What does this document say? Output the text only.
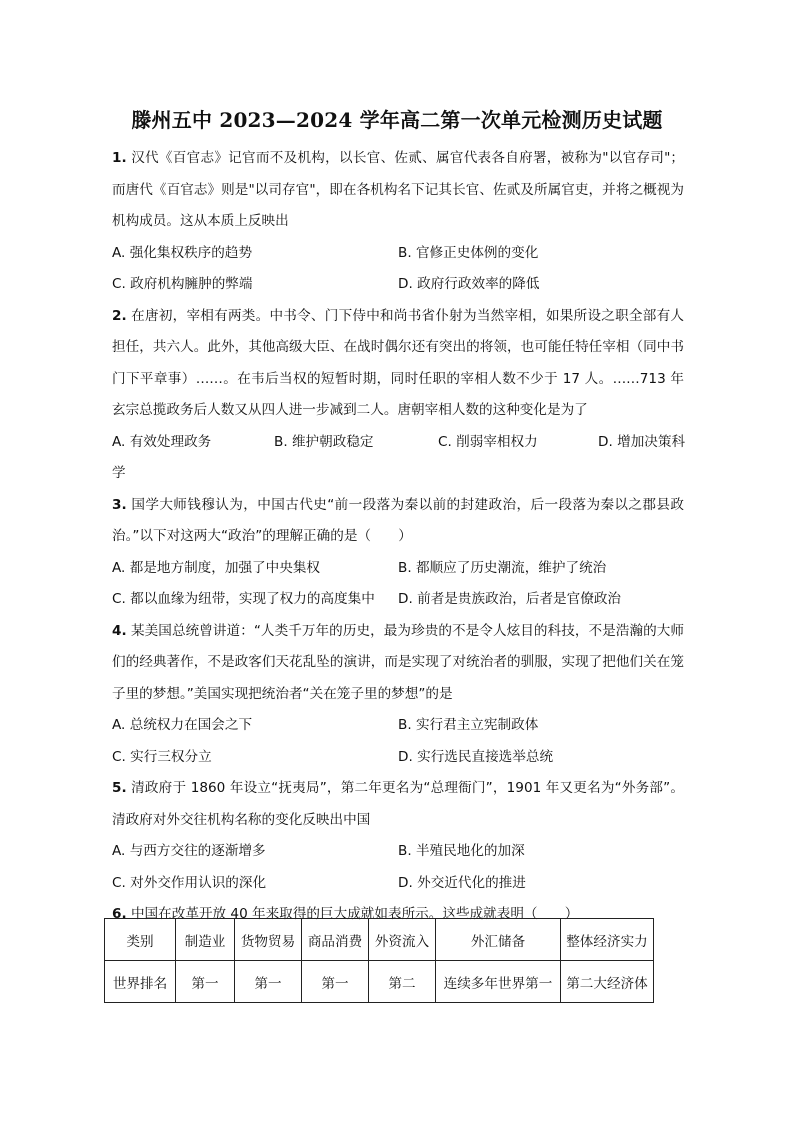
滕州五中 2023—2024 学年高二第一次单元检测历史试题

1. 汉代《百官志》记官而不及机构，以长官、佐贰、属官代表各自府署，被称为"以官存司"；而唐代《百官志》则是"以司存官"，即在各机构名下记其长官、佐贰及所属官吏，并将之概视为机构成员。这从本质上反映出

A. 强化集权秩序的趋势	B. 官修正史体例的变化
C. 政府机构臃肿的弊端	D. 政府行政效率的降低

2. 在唐初，宰相有两类。中书令、门下侍中和尚书省仆射为当然宰相，如果所设之职全部有人担任，共六人。此外，其他高级大臣、在战时偶尔还有突出的将领，也可能任特任宰相（同中书门下平章事）……。在韦后当权的短暂时期，同时任职的宰相人数不少于 17 人。……713 年玄宗总揽政务后人数又从四人进一步减到二人。唐朝宰相人数的这种变化是为了

A. 有效处理政务	B. 维护朝政稳定	C. 削弱宰相权力	D. 增加决策科

学

3. 国学大师钱穆认为，中国古代史“前一段落为秦以前的封建政治，后一段落为秦以之郡县政治。”以下对这两大“政治”的理解正确的是（　　）

A. 都是地方制度，加强了中央集权	B. 都顺应了历史潮流，维护了统治
C. 都以血缘为纽带，实现了权力的高度集中	D. 前者是贵族政治，后者是官僚政治

4. 某美国总统曾讲道：“人类千万年的历史，最为珍贵的不是令人炫目的科技，不是浩瀚的大师们的经典著作，不是政客们天花乱坠的演讲，而是实现了对统治者的驯服，实现了把他们关在笼子里的梦想。”美国实现把统治者“关在笼子里的梦想”的是

A. 总统权力在国会之下	B. 实行君主立宪制政体
C. 实行三权分立	D. 实行选民直接选举总统

5. 清政府于 1860 年设立“抚夷局”，第二年更名为“总理衙门”，1901 年又更名为“外务部”。清政府对外交往机构名称的变化反映出中国

A. 与西方交往的逐渐增多	B. 半殖民地化的加深
C. 对外交作用认识的深化	D. 外交近代化的推进

6. 中国在改革开放 40 年来取得的巨大成就如表所示。这些成就表明（　　）

类别	制造业	货物贸易	商品消费	外资流入	外汇储备	整体经济实力
世界排名	第一	第一	第一	第二	连续多年世界第一	第二大经济体
